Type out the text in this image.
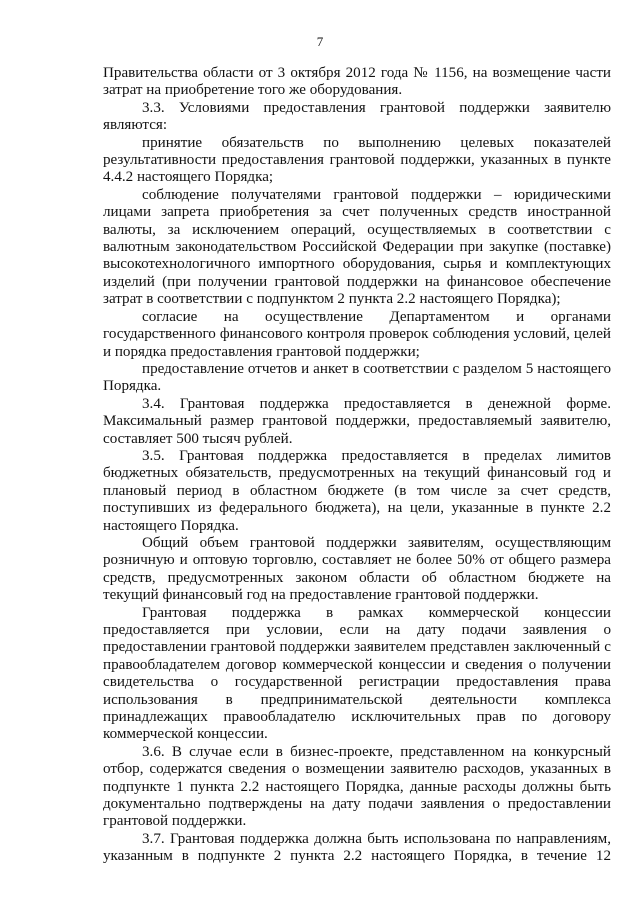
7

Правительства области от 3 октября 2012 года № 1156, на возмещение части затрат на приобретение того же оборудования.

3.3. Условиями предоставления грантовой поддержки заявителю являются:

принятие обязательств по выполнению целевых показателей результативности предоставления грантовой поддержки, указанных в пункте 4.4.2 настоящего Порядка;

соблюдение получателями грантовой поддержки – юридическими лицами запрета приобретения за счет полученных средств иностранной валюты, за исключением операций, осуществляемых в соответствии с валютным законодательством Российской Федерации при закупке (поставке) высокотехнологичного импортного оборудования, сырья и комплектующих изделий (при получении грантовой поддержки на финансовое обеспечение затрат в соответствии с подпунктом 2 пункта 2.2 настоящего Порядка);

согласие на осуществление Департаментом и органами государственного финансового контроля проверок соблюдения условий, целей и порядка предоставления грантовой поддержки;

предоставление отчетов и анкет в соответствии с разделом 5 настоящего Порядка.

3.4. Грантовая поддержка предоставляется в денежной форме. Максимальный размер грантовой поддержки, предоставляемый заявителю, составляет 500 тысяч рублей.

3.5. Грантовая поддержка предоставляется в пределах лимитов бюджетных обязательств, предусмотренных на текущий финансовый год и плановый период в областном бюджете (в том числе за счет средств, поступивших из федерального бюджета), на цели, указанные в пункте 2.2 настоящего Порядка.

Общий объем грантовой поддержки заявителям, осуществляющим розничную и оптовую торговлю, составляет не более 50% от общего размера средств, предусмотренных законом области об областном бюджете на текущий финансовый год на предоставление грантовой поддержки.

Грантовая поддержка в рамках коммерческой концессии предоставляется при условии, если на дату подачи заявления о предоставлении грантовой поддержки заявителем представлен заключенный с правообладателем договор коммерческой концессии и сведения о получении свидетельства о государственной регистрации предоставления права использования в предпринимательской деятельности комплекса принадлежащих правообладателю исключительных прав по договору коммерческой концессии.

3.6. В случае если в бизнес-проекте, представленном на конкурсный отбор, содержатся сведения о возмещении заявителю расходов, указанных в подпункте 1 пункта 2.2 настоящего Порядка, данные расходы должны быть документально подтверждены на дату подачи заявления о предоставлении грантовой поддержки.

3.7. Грантовая поддержка должна быть использована по направлениям, указанным в подпункте 2 пункта 2.2 настоящего Порядка, в течение 12
